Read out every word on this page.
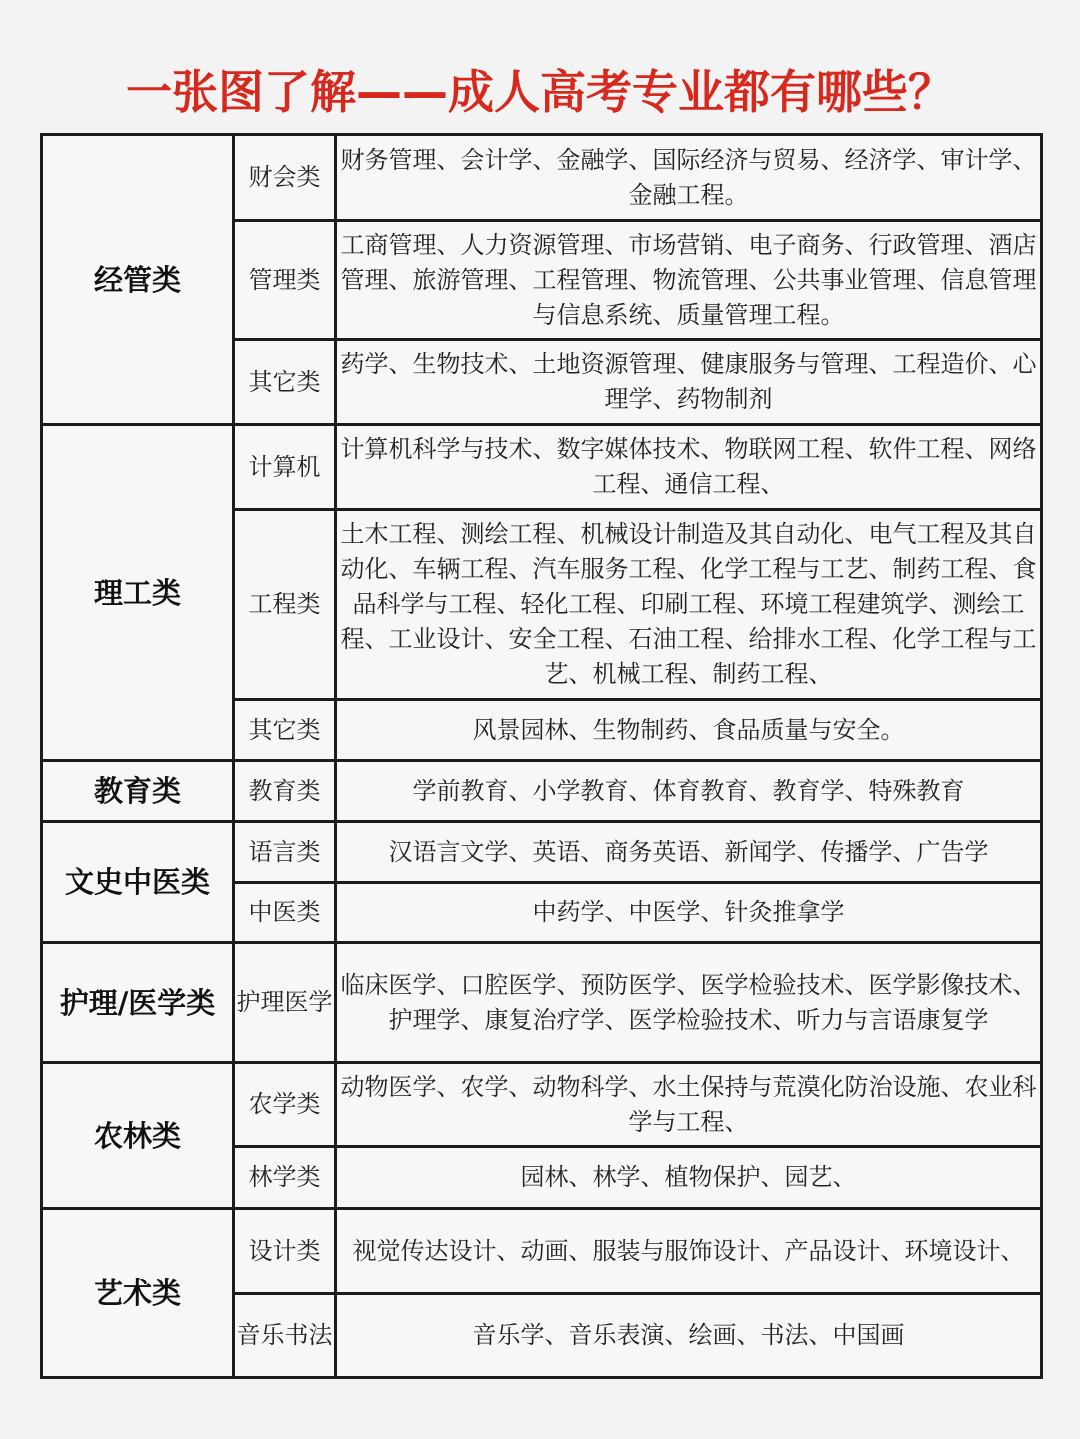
一张图了解——成人高考专业都有哪些？
经管类	财会类	财务管理、会计学、金融学、国际经济与贸易、经济学、审计学、金融工程。
	管理类	工商管理、人力资源管理、市场营销、电子商务、行政管理、酒店管理、旅游管理、工程管理、物流管理、公共事业管理、信息管理与信息系统、质量管理工程。
	其它类	药学、生物技术、土地资源管理、健康服务与管理、工程造价、心理学、药物制剂
理工类	计算机	计算机科学与技术、数字媒体技术、物联网工程、软件工程、网络工程、通信工程、
	工程类	土木工程、测绘工程、机械设计制造及其自动化、电气工程及其自动化、车辆工程、汽车服务工程、化学工程与工艺、制药工程、食品科学与工程、轻化工程、印刷工程、环境工程建筑学、测绘工程、工业设计、安全工程、石油工程、给排水工程、化学工程与工艺、机械工程、制药工程、
	其它类	风景园林、生物制药、食品质量与安全。
教育类	教育类	学前教育、小学教育、体育教育、教育学、特殊教育
文史中医类	语言类	汉语言文学、英语、商务英语、新闻学、传播学、广告学
	中医类	中药学、中医学、针灸推拿学
护理/医学类	护理医学	临床医学、口腔医学、预防医学、医学检验技术、医学影像技术、护理学、康复治疗学、医学检验技术、听力与言语康复学
农林类	农学类	动物医学、农学、动物科学、水土保持与荒漠化防治设施、农业科学与工程、
	林学类	园林、林学、植物保护、园艺、
艺术类	设计类	视觉传达设计、动画、服装与服饰设计、产品设计、环境设计、
	音乐书法	音乐学、音乐表演、绘画、书法、中国画
